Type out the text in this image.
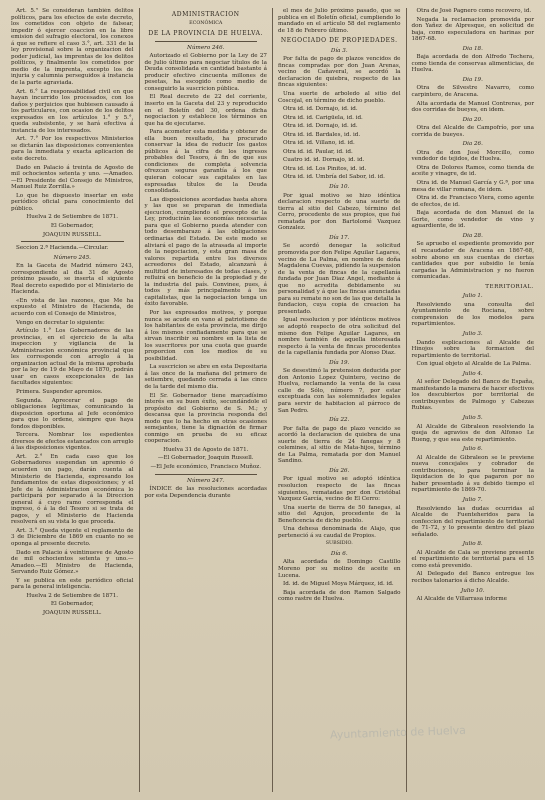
Art. 5.° Se consideran también delitos políticos, para los efectos de este decreto, los cometidos con objeto de falsear, impedir ó ejercer coaccion en la libre emision del sufragio electoral, los conexos á que se refiere el caso 3.°, art. 331 de la ley provisional sobre la organizacion del poder judicial, las imprentas de los delitos políticos, y finalmente los cometidos por medio de la imprenta, excepto los de injuria y calumnia perseguidos á instancia de la parte agraviada.

Art. 6.° La responsabilidad civil en que hayan incurrido los procesados, con los daños y perjuicios que hubiesen causado á los particulares, con ocasion de los delitos expresados en los artículos 1.° y 5.°, queda subsistente, y se hará efectiva á instancia de los interesados.

Art. 7.° Por los respectivos Ministerios se dictarán las disposiciones convenientes para la inmediata y exacta aplicacion de este decreto.

Dado en Palacio á treinta de Agosto de mil ochocientos setenta y uno. —Amadeo.—El Presidente del Consejo de Ministros, Manuel Ruiz Zorrilla.»

Lo que he dispuesto insertar en este periódico oficial para conocimiento del público.

Huelva 2 de Setiembre de 1871.
El Gobernador,
JOAQUIN RUSSELL.

Seccion 2.ª Hacienda.—Circular.

Número 245.

En la Gaceta de Madrid número 243, correspondiente al dia 31 de Agosto próximo pasado, se inserta el siguiente Real decreto espedido por el Ministerio de Hacienda.

«En vista de las razones, que Me ha expuesto el Ministro de Hacienda, de acuerdo con el Consejo de Ministros,

Vengo en decretar lo siguiente:

Artículo 1.° Los Gobernadores de las provincias, en el ejercicio de la alta inspeccion y vigilancia de la Administracion económica provincial que les corresponde con arreglo á la organizacion actual de la misma aprobada por la ley de 19 de Mayo de 1870, podrán usar en casos excepcionales de las facultades siguientes:

Primera. Suspender apremios.

Segunda. Aprecerar el pago de obligaciones legítimas, comunicando la disposicion oportuna al Jefe económico para que lo ordene, siempre que haya fondos disponibles.

Tercera. Nombrar los espedientes diversos de efectos estancados con arreglo á las disposiciones vigentes.

Art. 2.° En cada caso que los Gobernadores suspendan un apremio ó acuerden un pago, darán cuenta al Ministerio de Hacienda, expresando los fundamentos de estas disposiciones; y el Jefe de la Administracion económica lo participará por separado á la Direccion general á cuyo ramo corresponda el ingreso, ó á la del Tesoro si se trata de pagos, y el Ministerio de Hacienda resolverá en su vista lo que proceda.

Art. 3.° Queda vigente el reglamento de 3 de Diciembre de 1869 en cuanto no se oponga al presente decreto.

Dado en Palacio á veintinueve de Agosto de mil ochocientos setenta y uno.—Amadeo.—El Ministro de Hacienda, Servando Ruiz Gómez.»

Y se publica en este periódico oficial para la general inteligencia.

Huelva 2 de Setiembre de 1871.
El Gobernador,
JOAQUIN RUSSELL.
ADMINISTRACION
ECONÓMICA
DE LA PROVINCIA DE HUELVA.
Número 246.

Autorizado el Gobierno por la Ley de 27 de Julio último para negociar títulos de la Deuda consolidada en cantidad bastante á producir efectivo cincuenta millones de pesetas, ha escogido como medio de conseguirlo la suscricion pública.

El Real decreto de 22 del corriente, inserto en la Gaceta del 23 y reproducido en el Boletín del 30, ordena dicha negociacion y establece los términos en que ha de ejecutarse.

Para acometer esta medida y obtener de ella buen resultado, ha procurado conservar la idea de reducir los gastos públicos á la cifra de los ingresos probables del Tesoro, á fin de que sus condiciones de completa solvencia ofrezcan seguras garantía á los que quieran colocar sus capitales en las espresadas títulos de la Deuda consolidada.

Las disposiciones acordadas hasta ahora y las que se preparan de inmediata ejecucion, cumpliendo el precepto de la Ley, producirán las economías necesarias para que el Gobierno pueda atender con todo desembarazo á las obligaciones ordinarias del Estado. De este modo se aliviará el pago de la atrasada al importe de la negociacion, y esta gran masa de valores repartida entre los diversos acreedores del Estado, alcanzará á multitud de interesados de todas clases, y refluirá en beneficio de la propiedad y de la industria del país. Convinee, pues, á todos y más principalmente á los capitalistas, que la negociacion tenga un éxito favorable.

Por las expresados motivos, y porque nunca se acude en vano al patriotismo de los habitantes de esta provincia, me dirijo á los mismos confiadamente para que se sirvan inscribir su nombre en la lista de los suscritores por una cuota que guarde proporcion con los medios de su posibilidad.

La suscricion se abre en esta Depositaria á las once de la mañana del primero de setiembre, quedando cerrada á las cinco de la tarde del mismo dia.

El Sr. Gobernador tiene marcadísimo interés en su buen éxito, secundándole el propósito del Gobierno de S. M.; y descansa que la provincia responda del modo que lo ha hecho en otras ocasiones semejantes, tiene la dignación de firmar conmigo en prueba de su eficaz cooperacion.

Huelva 31 de Agosto de 1871.
—El Gobernador, Joaquin Russell.
—El Jefe económico, Francisco Muñoz.
Número 247.

ÍNDICE de las resoluciones acordadas por esta Dependencia durante

el mes de Julio próximo pasado, que se publica en el Boletín oficial, cumpliendo lo mandado en el artículo 58 del reglamento de 18 de Febrero último.

NEGOCIADO DE PROPIEDADES.
Día 3.

Por falta de pago de plazos vencidos de fincas compradas por don Juan Arenas, vecino de Cañaveral, se acordó la declaracion de quiebra, respecto de las fincas siguientes:

Una suerte de arboledo al sitio del Coscojal, en término de dicho pueblo.

Otra id. id. Dornajo, id. id.

Otra id. id. Carigüela, id. id.

Otra id. id. Dornajo, id. id.

Otra id. id. Bardales, id. id.

Otra id. id. Villano, id. id.

Otra id. id. Paular, id. id.

Cuatro id. id. Dornajo, id. id.

Otra id. id. Los Pinitos, id. id.

Otra id. id. Umbría del Sabor, id. id.

Día 10.

Por igual motivo se hizo idéntica declaracion respecto de una suerte de tierra al sitio del Cabezo, término del Cerro, procedente de sus propios, que fué rematada por don Bartolomé Vazquez Gonzalez.

Día 17.

Se acordó denegar la solicitud promovida por don Felipe Aguilar Lagares, vecino de La Palma, en nombre de doña Magdalena Cuevas, pidiendo la suspension de la venta de fincas de la capellanía fundada por Juan Diaz Angel, mediante á que no acredita debidamente su personalidad y á que las fincas anunciadas para su remate no son de las que detalla la fundacion, cuya copia de creacion ha presentado.

Igual resolucion y por idénticos motivos se adoptó respecto de otra solicitud del mismo don Felipe Aguilar Lagares, en nombre también de aquella interesada respecto á la venta de fincas procedentes de la capellanía fundada por Alonso Diaz.

Día 19.

Se desestimó la pretension deducida por don Antonio Lopez Quintero, vecino de Huelva, reclamando la venta de la casa calle de Sólo, número 7, por estar exceptuada con las solemnidades legales para servir de habitacion al párroco de San Pedro.

Día 22.

Por falta de pago de plazo vencido se acordó la declaracion de quiebra de una suerte de tierra de 24 fanegas y 8 celemines, al sitio de Mata-hijos, término de La Palma, rematada por don Manuel Sandino.

Día 26.

Por igual motivo se adoptó idéntica resolucion respecto de las fincas siguientes, rematadas por don Cristóbal Vazquez García, vecino de El Cerro:

Una suerte de tierra de 50 fanegas, al sitio del Agujon, procedente de la Beneficencia de dicho pueblo.

Una dehesa denominada de Alajo, que perteneció á su caudal de Propios.

SUBSIDIO.
Día 6.

Alta acordada de Domingo Castillo Moreno por su molino de aceite en Lucena.

Id. id. de Miguel Moya Márquez, id. id.

Baja acordada de don Ramon Salgado como rastre de Huelva.

Otra de José Pagnero como recovero, id.

Negada la reclamacion promovida por don Yañez de Alpresque, en solicitud de baja, como especuladora en harinas por 1867-68.

Dia 18.

Baja acordada de don Alfredo Techera, como tienda de conservas alimenticias, de Huelva.

Dia 19.

Otra de Silvestre Navarro, como carpintero, de Aracena.

Alta acordada de Manuel Contreras, por dos corridas de bueyes, en idem.

Dia 20.

Otra del Alcalde de Campofrío, por una corrida de bueyes.

Dia 26.

Otra de don José Morcillo, como vendedor de tejidos, de Huelva.

Otra de Dolores Ramos, como tienda de aceite y vinagre, de id.

Otra id. de Manuel García y G.ª, por una mesa de villar romana, de idem.

Otra id. de Francisco Viera, como agente de efectos, de id.

Baja acordada de don Manuel de la Gorte, como vendedor de vino y aguardiente, de id.

Dia 28.

Se apruebo el espediente promovido por el recaudador de Aracena en 1867-68, sobre abono en sus cuentas de ciertas cantidades que por subsidio le tenía cargadas la Administracion y no fueron comunicadas.

TERRITORIAL.
Julio 1.

Resolviendo una consulta del Ayuntamiento de Rociana, sobre comprension de los modelos para repartimientos.

Julio 3.

Dando esplicaciones al Alcalde de Hinojos sobre la formacion del repartimiento de territorial.

Con igual objeto al Alcalde de La Palma.

Julio 4.

Al señor Delegado del Banco de España, manifestando la manera de hacer efectivos los descubiertos por territorial de contribuyentes de Palmogo y Cabezas Rubias.

Julio 5.

Al Alcalde de Gibraleon resolviendo la queja de agravios de don Alfonso Le Rueng, y que sea este repartimiento.

Julio 6.

Al Alcalde de Gibraleon se le previene nueva concejales y cobrador de contribuciones, para terminar la liquidacion de lo que pagaron por no haber presentado á su debido tiempo el repartimiento de 1869-70.

Julio 7.

Resolviendo las dudas ocurridas al Alcalde de Fuenteheridos para la confeccion del repartimiento de territorial de 71-72, y lo presente dentro del plazo señalado.

Julio 8.

Al Alcalde de Cala se previene presente el repartimiento de territorial para el 15 como está prevenido.

Al Delegado del Banco entregue los recibos talonarios á dicho Alcalde.

Julio 10.

Al Alcalde de Villarrasa informe

Ayuntamiento de Huelva
